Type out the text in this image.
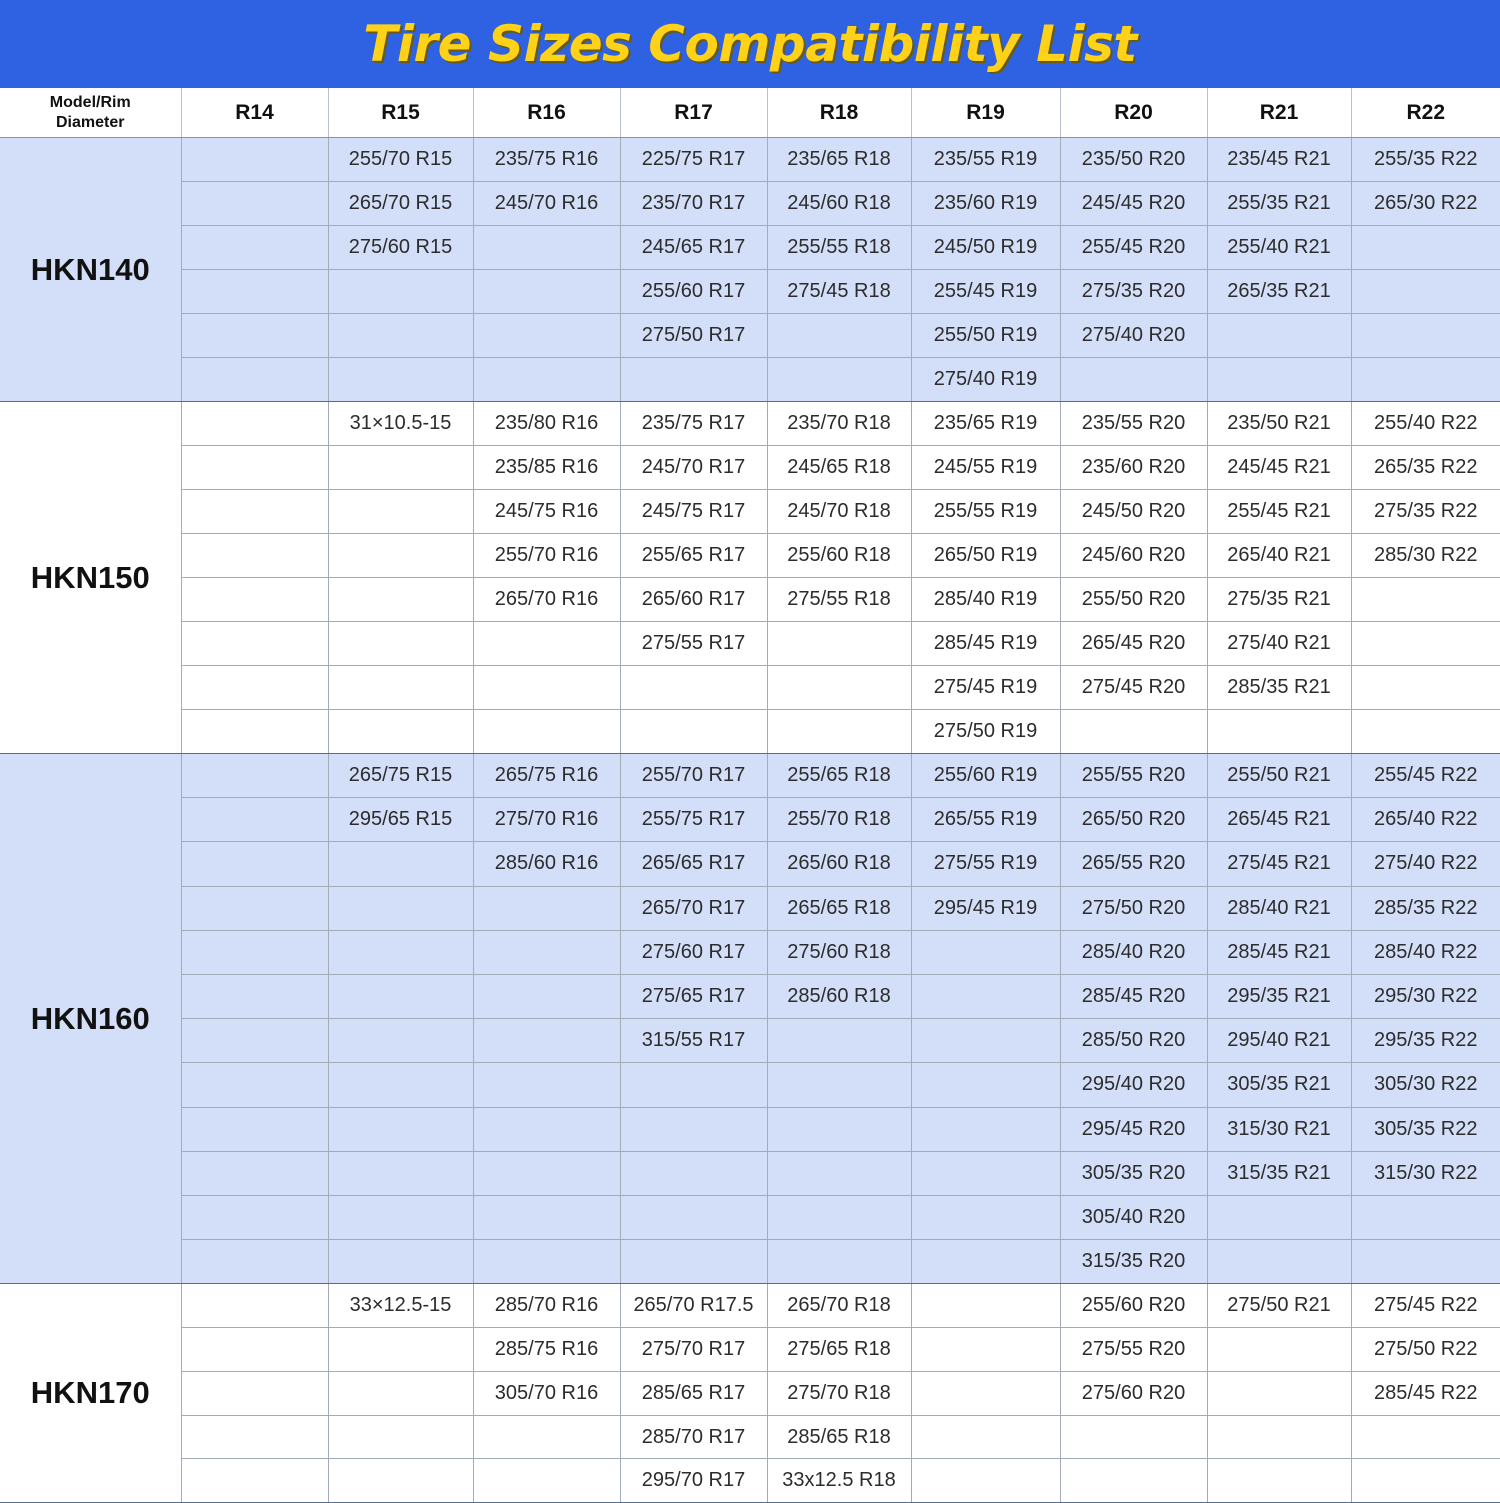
Tire Sizes Compatibility List
Model/Rim
Diameter	R14	R15	R16	R17	R18	R19	R20	R21	R22
HKN140		255/70 R15	235/75 R16	225/75 R17	235/65 R18	235/55 R19	235/50 R20	235/45 R21	255/35 R22
		265/70 R15	245/70 R16	235/70 R17	245/60 R18	235/60 R19	245/45 R20	255/35 R21	265/30 R22
		275/60 R15		245/65 R17	255/55 R18	245/50 R19	255/45 R20	255/40 R21	
				255/60 R17	275/45 R18	255/45 R19	275/35 R20	265/35 R21	
				275/50 R17		255/50 R19	275/40 R20		
						275/40 R19			
HKN150		31×10.5-15	235/80 R16	235/75 R17	235/70 R18	235/65 R19	235/55 R20	235/50 R21	255/40 R22
			235/85 R16	245/70 R17	245/65 R18	245/55 R19	235/60 R20	245/45 R21	265/35 R22
			245/75 R16	245/75 R17	245/70 R18	255/55 R19	245/50 R20	255/45 R21	275/35 R22
			255/70 R16	255/65 R17	255/60 R18	265/50 R19	245/60 R20	265/40 R21	285/30 R22
			265/70 R16	265/60 R17	275/55 R18	285/40 R19	255/50 R20	275/35 R21	
				275/55 R17		285/45 R19	265/45 R20	275/40 R21	
						275/45 R19	275/45 R20	285/35 R21	
						275/50 R19			
HKN160		265/75 R15	265/75 R16	255/70 R17	255/65 R18	255/60 R19	255/55 R20	255/50 R21	255/45 R22
		295/65 R15	275/70 R16	255/75 R17	255/70 R18	265/55 R19	265/50 R20	265/45 R21	265/40 R22
			285/60 R16	265/65 R17	265/60 R18	275/55 R19	265/55 R20	275/45 R21	275/40 R22
				265/70 R17	265/65 R18	295/45 R19	275/50 R20	285/40 R21	285/35 R22
				275/60 R17	275/60 R18		285/40 R20	285/45 R21	285/40 R22
				275/65 R17	285/60 R18		285/45 R20	295/35 R21	295/30 R22
				315/55 R17			285/50 R20	295/40 R21	295/35 R22
							295/40 R20	305/35 R21	305/30 R22
							295/45 R20	315/30 R21	305/35 R22
							305/35 R20	315/35 R21	315/30 R22
							305/40 R20		
							315/35 R20		
HKN170		33×12.5-15	285/70 R16	265/70 R17.5	265/70 R18		255/60 R20	275/50 R21	275/45 R22
			285/75 R16	275/70 R17	275/65 R18		275/55 R20		275/50 R22
			305/70 R16	285/65 R17	275/70 R18		275/60 R20		285/45 R22
				285/70 R17	285/65 R18				
				295/70 R17	33x12.5 R18				
